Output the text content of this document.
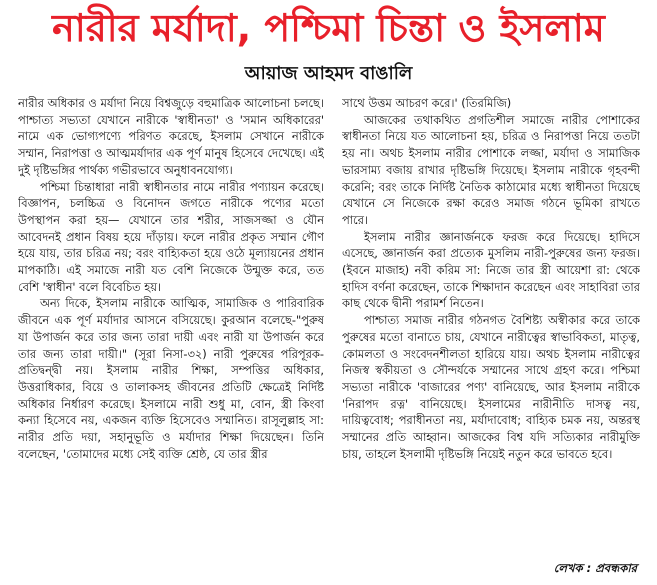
নারীর মর্যাদা, পশ্চিমা চিন্তা ও ইসলাম
আয়াজ আহমদ বাঙালি

নারীর অধিকার ও মর্যাদা নিয়ে বিশ্বজুড়ে বহুমাত্রিক আলোচনা চলছে। পাশ্চাত্য সভ্যতা যেখানে নারীকে 'স্বাধীনতা' ও 'সমান অধিকারের' নামে এক ভোগ্যপণ্যে পরিণত করেছে, ইসলাম সেখানে নারীকে সম্মান, নিরাপত্তা ও আত্মমর্যাদার এক পূর্ণ মানুষ হিসেবে দেখেছে। এই দুই দৃষ্টিভঙ্গির পার্থক্য গভীরভাবে অনুধাবনযোগ্য।

পশ্চিমা চিন্তাধারা নারী স্বাধীনতার নামে নারীর পণ্যায়ন করেছে। বিজ্ঞাপন, চলচ্চিত্র ও বিনোদন জগতে নারীকে পণ্যের মতো উপস্থাপন করা হয়— যেখানে তার শরীর, সাজসজ্জা ও যৌন আবেদনই প্রধান বিষয় হয়ে দাঁড়ায়। ফলে নারীর প্রকৃত সম্মান গৌণ হয়ে যায়, তার চরিত্র নয়; বরং বাহ্যিকতা হয়ে ওঠে মূল্যায়নের প্রধান মাপকাঠি। এই সমাজে নারী যত বেশি নিজেকে উন্মুক্ত করে, তত বেশি 'স্বাধীন' বলে বিবেচিত হয়।

অন্য দিকে, ইসলাম নারীকে আত্মিক, সামাজিক ও পারিবারিক জীবনে এক পূর্ণ মর্যাদার আসনে বসিয়েছে। কুরআন বলেছে-"পুরুষ যা উপার্জন করে তার জন্য তারা দায়ী এবং নারী যা উপার্জন করে তার জন্য তারা দায়ী।" (সূরা নিসা-৩২) নারী পুরুষের পরিপূরক- প্রতিদ্বন্দ্বী নয়। ইসলাম নারীর শিক্ষা, সম্পত্তির অধিকার, উত্তরাধিকার, বিয়ে ও তালাকসহ জীবনের প্রতিটি ক্ষেত্রেই নির্দিষ্ট অধিকার নির্ধারণ করেছে। ইসলামে নারী শুধু মা, বোন, স্ত্রী কিংবা কন্যা হিসেবে নয়, একজন ব্যক্তি হিসেবেও সম্মানিত। রাসূলুল্লাহ সা: নারীর প্রতি দয়া, সহানুভূতি ও মর্যাদার শিক্ষা দিয়েছেন। তিনি বলেছেন, 'তোমাদের মধ্যে সেই ব্যক্তি শ্রেষ্ঠ, যে তার স্ত্রীর

সাথে উত্তম আচরণ করে।' (তিরমিজি)

আজকের তথাকথিত প্রগতিশীল সমাজে নারীর পোশাকের স্বাধীনতা নিয়ে যত আলোচনা হয়, চরিত্র ও নিরাপত্তা নিয়ে ততটা হয় না। অথচ ইসলাম নারীর পোশাকে লজ্জা, মর্যাদা ও সামাজিক ভারসাম্য বজায় রাখার দৃষ্টিভঙ্গি দিয়েছে। ইসলাম নারীকে গৃহবন্দী করেনি; বরং তাকে নির্দিষ্ট নৈতিক কাঠামোর মধ্যে স্বাধীনতা দিয়েছে যেখানে সে নিজেকে রক্ষা করেও সমাজ গঠনে ভূমিকা রাখতে পারে।

ইসলাম নারীর জ্ঞানার্জনকে ফরজ করে দিয়েছে। হাদিসে এসেছে, জ্ঞানার্জন করা প্রত্যেক মুসলিম নারী-পুরুষের জন্য ফরজ। (ইবনে মাজাহ) নবী করিম সা: নিজে তার স্ত্রী আয়েশা রা: থেকে হাদিস বর্ণনা করেছেন, তাকে শিক্ষাদান করেছেন এবং সাহাবিরা তার কাছ থেকে দ্বীনী পরামর্শ নিতেন।

পাশ্চাত্য সমাজ নারীর গঠনগত বৈশিষ্ট্য অস্বীকার করে তাকে পুরুষের মতো বানাতে চায়, যেখানে নারীত্বের স্বাভাবিকতা, মাতৃত্ব, কোমলতা ও সংবেদনশীলতা হারিয়ে যায়। অথচ ইসলাম নারীত্বের নিজস্ব স্বকীয়তা ও সৌন্দর্যকে সম্মানের সাথে গ্রহণ করে। পশ্চিমা সভ্যতা নারীকে 'বাজারের পণ্য' বানিয়েছে, আর ইসলাম নারীকে 'নিরাপদ রত্ন' বানিয়েছে। ইসলামের নারীনীতি দাসত্ব নয়, দায়িত্ববোধ; পরাধীনতা নয়, মর্যাদাবোধ; বাহ্যিক চমক নয়, অন্তরস্থ সম্মানের প্রতি আহ্বান। আজকের বিশ্ব যদি সত্যিকার নারীমুক্তি চায়, তাহলে ইসলামী দৃষ্টিভঙ্গি নিয়েই নতুন করে ভাবতে হবে।

লেখক : প্রবন্ধকার
